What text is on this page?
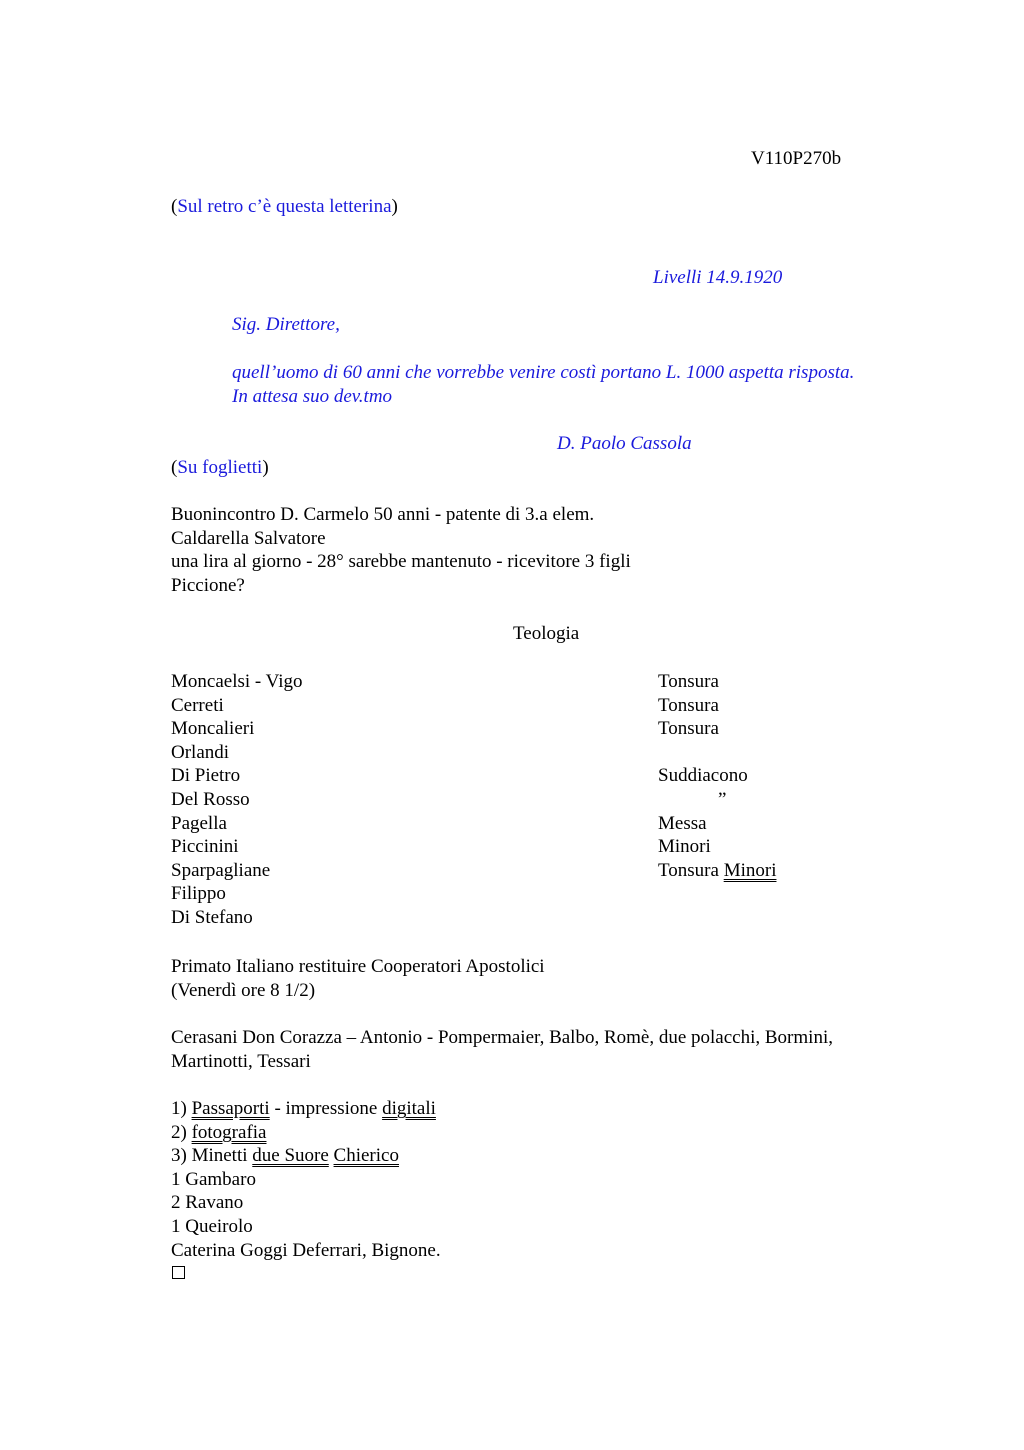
V110P270b
(Sul retro c’è questa letterina)
Livelli 14.9.1920
Sig. Direttore,
quell’uomo di 60 anni che vorrebbe venire costì portano L. 1000 aspetta risposta.
In attesa suo dev.tmo
D. Paolo Cassola
(Su foglietti)
Buonincontro D. Carmelo 50 anni - patente di 3.a elem.
Caldarella Salvatore
una lira al giorno - 28° sarebbe mantenuto - ricevitore 3 figli
Piccione?
Teologia
Moncaelsi - Vigo
Cerreti
Moncalieri
Orlandi
Di Pietro
Del Rosso
Pagella
Piccinini
Sparpagliane
Filippo
Di Stefano
Tonsura
Tonsura
Tonsura
Suddiacono
”
Messa
Minori
Tonsura Minori
Primato Italiano restituire Cooperatori Apostolici
(Venerdì ore 8 1/2)
Cerasani Don Corazza – Antonio - Pompermaier, Balbo, Romè, due polacchi, Bormini,
Martinotti, Tessari
1) Passaporti - impressione digitali
2) fotografia
3) Minetti due Suore Chierico
1 Gambaro
2 Ravano
1 Queirolo
Caterina Goggi Deferrari, Bignone.
